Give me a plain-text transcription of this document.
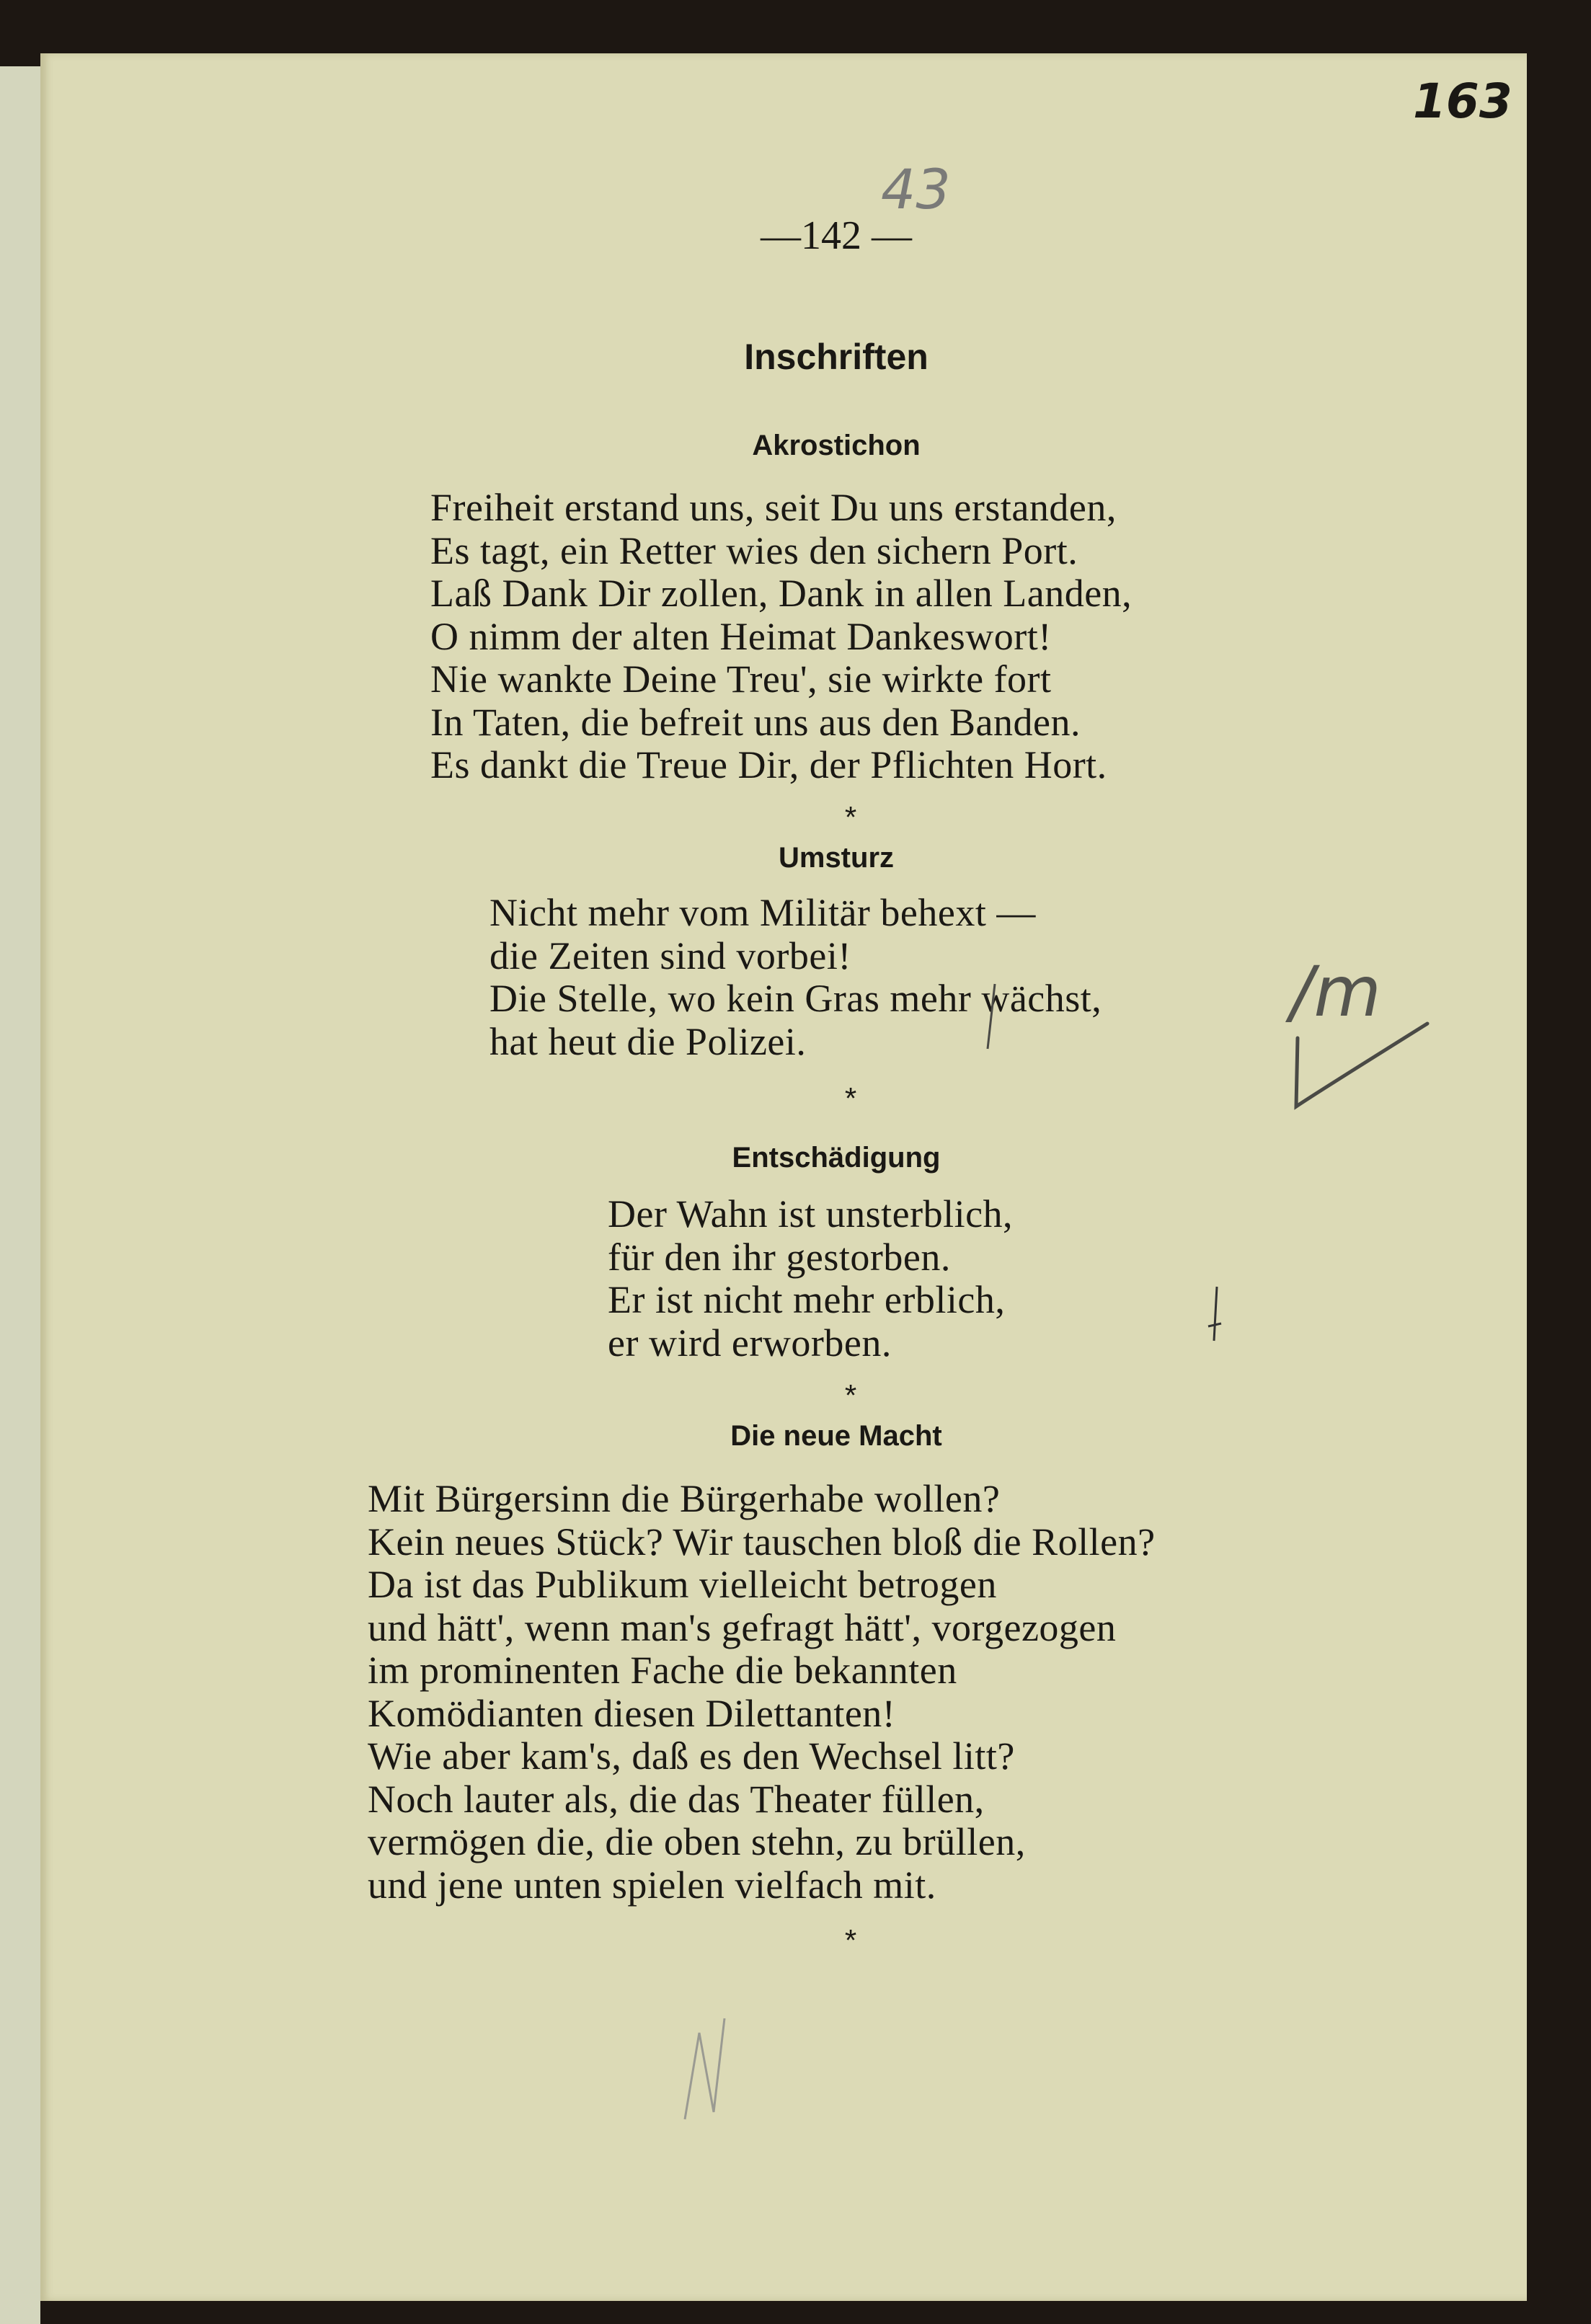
163
43
—142 —
Inschriften
Akrostichon
Freiheit erstand uns, seit Du uns erstanden,
Es tagt, ein Retter wies den sichern Port.
Laß Dank Dir zollen, Dank in allen Landen,
O nimm der alten Heimat Dankeswort!
Nie wankte Deine Treu', sie wirkte fort
In Taten, die befreit uns aus den Banden.
Es dankt die Treue Dir, der Pflichten Hort.
*
Umsturz
Nicht mehr vom Militär behext —
die Zeiten sind vorbei!
Die Stelle, wo kein Gras mehr wächst,
hat heut die Polizei.
*
Entschädigung
Der Wahn ist unsterblich,
für den ihr gestorben.
Er ist nicht mehr erblich,
er wird erworben.
*
Die neue Macht
Mit Bürgersinn die Bürgerhabe wollen?
Kein neues Stück? Wir tauschen bloß die Rollen?
Da ist das Publikum vielleicht betrogen
und hätt', wenn man's gefragt hätt', vorgezogen
im prominenten Fache die bekannten
Komödianten diesen Dilettanten!
Wie aber kam's, daß es den Wechsel litt?
Noch lauter als, die das Theater füllen,
vermögen die, die oben stehn, zu brüllen,
und jene unten spielen vielfach mit.
*
/m
